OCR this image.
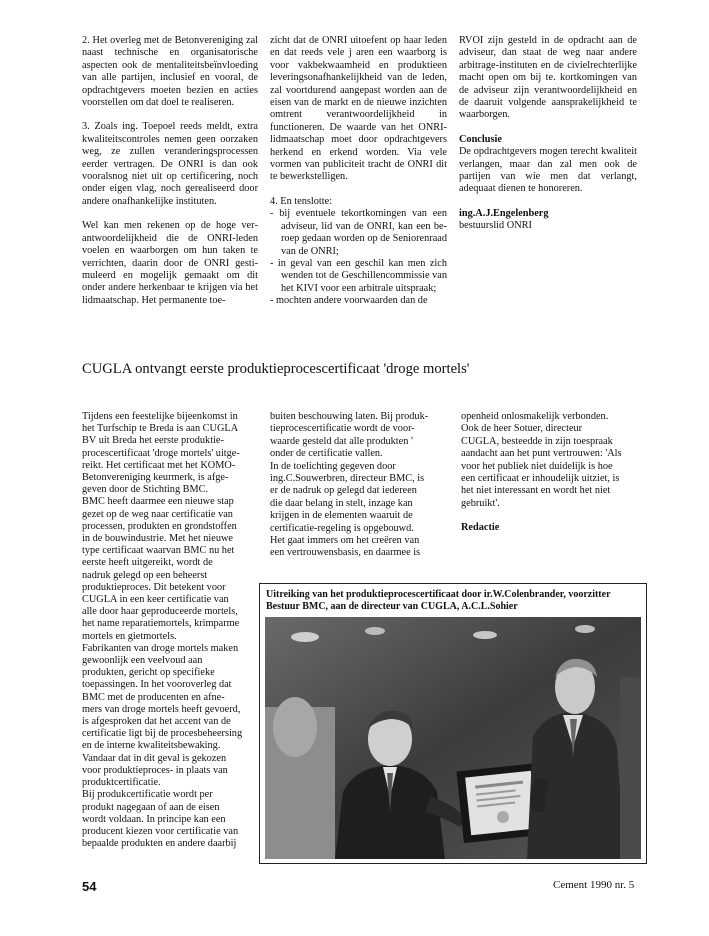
2. Het overleg met de Betonvereniging zal naast technische en organisatorische aspecten ook de mentaliteitsbeïnvloeding van alle partijen, inclusief en vooral, de opdrachtgevers moeten bezien en acties voorstellen om dat doel te realiseren.

3. Zoals ing. Toepoel reeds meldt, extra kwaliteitscontroles nemen geen oorzaken weg, ze zullen veranderingsprocessen eerder vertragen. De ONRI is dan ook vooralsnog niet uit op certificering, noch onder eigen vlag, noch gerealiseerd door andere onafhankelijke instituten.

Wel kan men rekenen op de hoge verantwoordelijkheid die de ONRI-leden voelen en waarborgen om hun taken te verrichten, daarin door de ONRI gestimuleerd en mogelijk gemaakt om dit onder andere herkenbaar te krijgen via het lidmaatschap. Het permanente toe-

zicht dat de ONRI uitoefent op haar leden en dat reeds vele j aren een waarborg is voor vakbekwaamheid en produktieen leveringsonafhankelijkheid van de leden, zal voortdurend aangepast worden aan de eisen van de markt en de nieuwe inzichten omtrent verantwoordelijkheid in functioneren. De waarde van het ONRI-lidmaatschap moet door opdrachtgevers herkend en erkend worden. Via vele vormen van publiciteit tracht de ONRI dit te bewerkstelligen.

4. En tenslotte:

- bij eventuele tekortkomingen van een adviseur, lid van de ONRI, kan een beroep gedaan worden op de Seniorenraad van de ONRI;

- in geval van een geschil kan men zich wenden tot de Geschillencommissie van het KIVI voor een arbitrale uitspraak;

- mochten andere voorwaarden dan de

RVOI zijn gesteld in de opdracht aan de adviseur, dan staat de weg naar andere arbitrage-instituten en de civielrechterlijke macht open om bij te. kortkomingen van de adviseur zijn verantwoordelijkheid en de daaruit volgende aansprakelijkheid te waarborgen.

Conclusie

De opdrachtgevers mogen terecht kwaliteit verlangen, maar dan zal men ook de partijen van wie men dat verlangt, adequaat dienen te honoreren.

ing.A.J.Engelenberg

bestuurslid ONRI

CUGLA ontvangt eerste produktieprocescertificaat 'droge mortels'
Tijdens een feestelijke bijeenkomst in
het Turfschip te Breda is aan CUGLA
BV uit Breda het eerste produktie-
procescertificaat 'droge mortels' uitge-
reikt. Het certificaat met het KOMO-
Betonvereniging keurmerk, is afge-
geven door de Stichting BMC.
BMC heeft daarmee een nieuwe stap
gezet op de weg naar certificatie van
processen, produkten en grondstoffen
in de bouwindustrie. Met het nieuwe
type certificaat waarvan BMC nu het
eerste heeft uitgereikt, wordt de
nadruk gelegd op een beheerst
produktieproces. Dit betekent voor
CUGLA in een keer certificatie van
alle door haar geproduceerde mortels,
het name reparatiemortels, krimparme
mortels en gietmortels.
Fabrikanten van droge mortels maken
gewoonlijk een veelvoud aan
produkten, gericht op specifieke
toepassingen. In het vooroverleg dat
BMC met de producenten en afne-
mers van droge mortels heeft gevoerd,
is afgesproken dat het accent van de
certificatie ligt bij de procesbeheersing
en de interne kwaliteitsbewaking.
Vandaar dat in dit geval is gekozen
voor produktieproces- in plaats van
produktcertificatie.
Bij produkcertificatie wordt per
produkt nagegaan of aan de eisen
wordt voldaan. In principe kan een
producent kiezen voor certificatie van
bepaalde produkten en andere daarbij
buiten beschouwing laten. Bij produk-
tieprocescertificatie wordt de voor-
waarde gesteld dat alle produkten '
onder de certificatie vallen.
In de toelichting gegeven door
ing.C.Souwerbren, directeur BMC, is
er de nadruk op gelegd dat iedereen
die daar belang in stelt, inzage kan
krijgen in de elementen waaruit de
certificatie-regeling is opgebouwd.
Het gaat immers om het creëren van
een vertrouwensbasis, en daarmee is
openheid onlosmakelijk verbonden.
Ook de heer Sotuer, directeur
CUGLA, besteedde in zijn toespraak
aandacht aan het punt vertrouwen: 'Als
voor het publiek niet duidelijk is hoe
een certificaat er inhoudelijk uitziet, is
het niet interessant en wordt het niet
gebruikt'.

Redactie

Uitreiking van het produktieprocescertificaat door ir.W.Colenbrander, voorzitter Bestuur BMC, aan de directeur van CUGLA, A.C.L.Sohier
54	Cement 1990 nr. 5
